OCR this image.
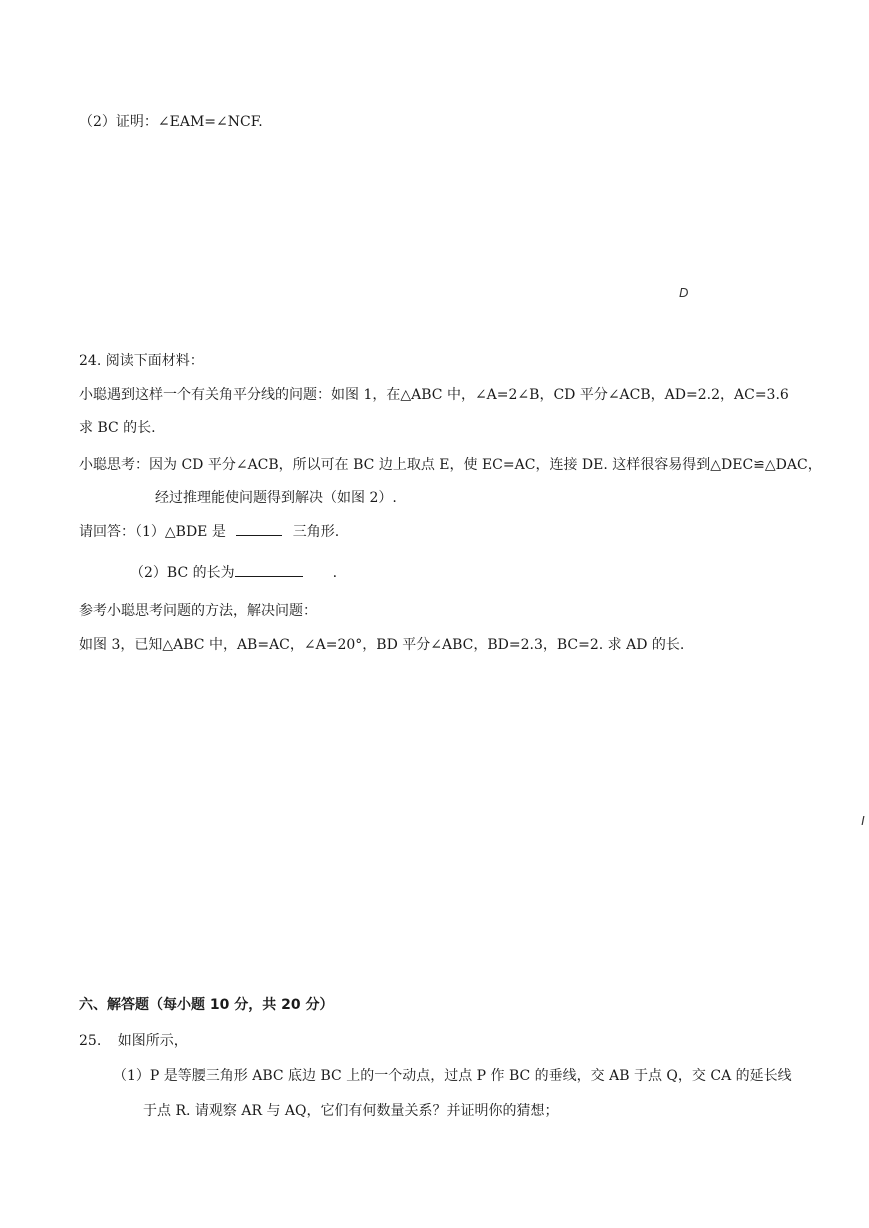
（2）证明：∠EAM=∠NCF.
D
24. 阅读下面材料：
小聪遇到这样一个有关角平分线的问题：如图 1，在△ABC 中，∠A=2∠B，CD 平分∠ACB，AD=2.2，AC=3.6
求 BC 的长.
小聪思考：因为 CD 平分∠ACB，所以可在 BC 边上取点 E，使 EC=AC，连接 DE. 这样很容易得到△DEC≌△DAC，
经过推理能使问题得到解决（如图 2）.
请回答：（1）△BDE 是	三角形.
（2）BC 的长为	.
参考小聪思考问题的方法，解决问题：
如图 3，已知△ABC 中，AB=AC，∠A=20°，BD 平分∠ABC，BD=2.3，BC=2. 求 AD 的长.
I
六、解答题（每小题 10 分，共 20 分）
25. 如图所示，
（1）P 是等腰三角形 ABC 底边 BC 上的一个动点，过点 P 作 BC 的垂线，交 AB 于点 Q，交 CA 的延长线
于点 R. 请观察 AR 与 AQ，它们有何数量关系？并证明你的猜想；
